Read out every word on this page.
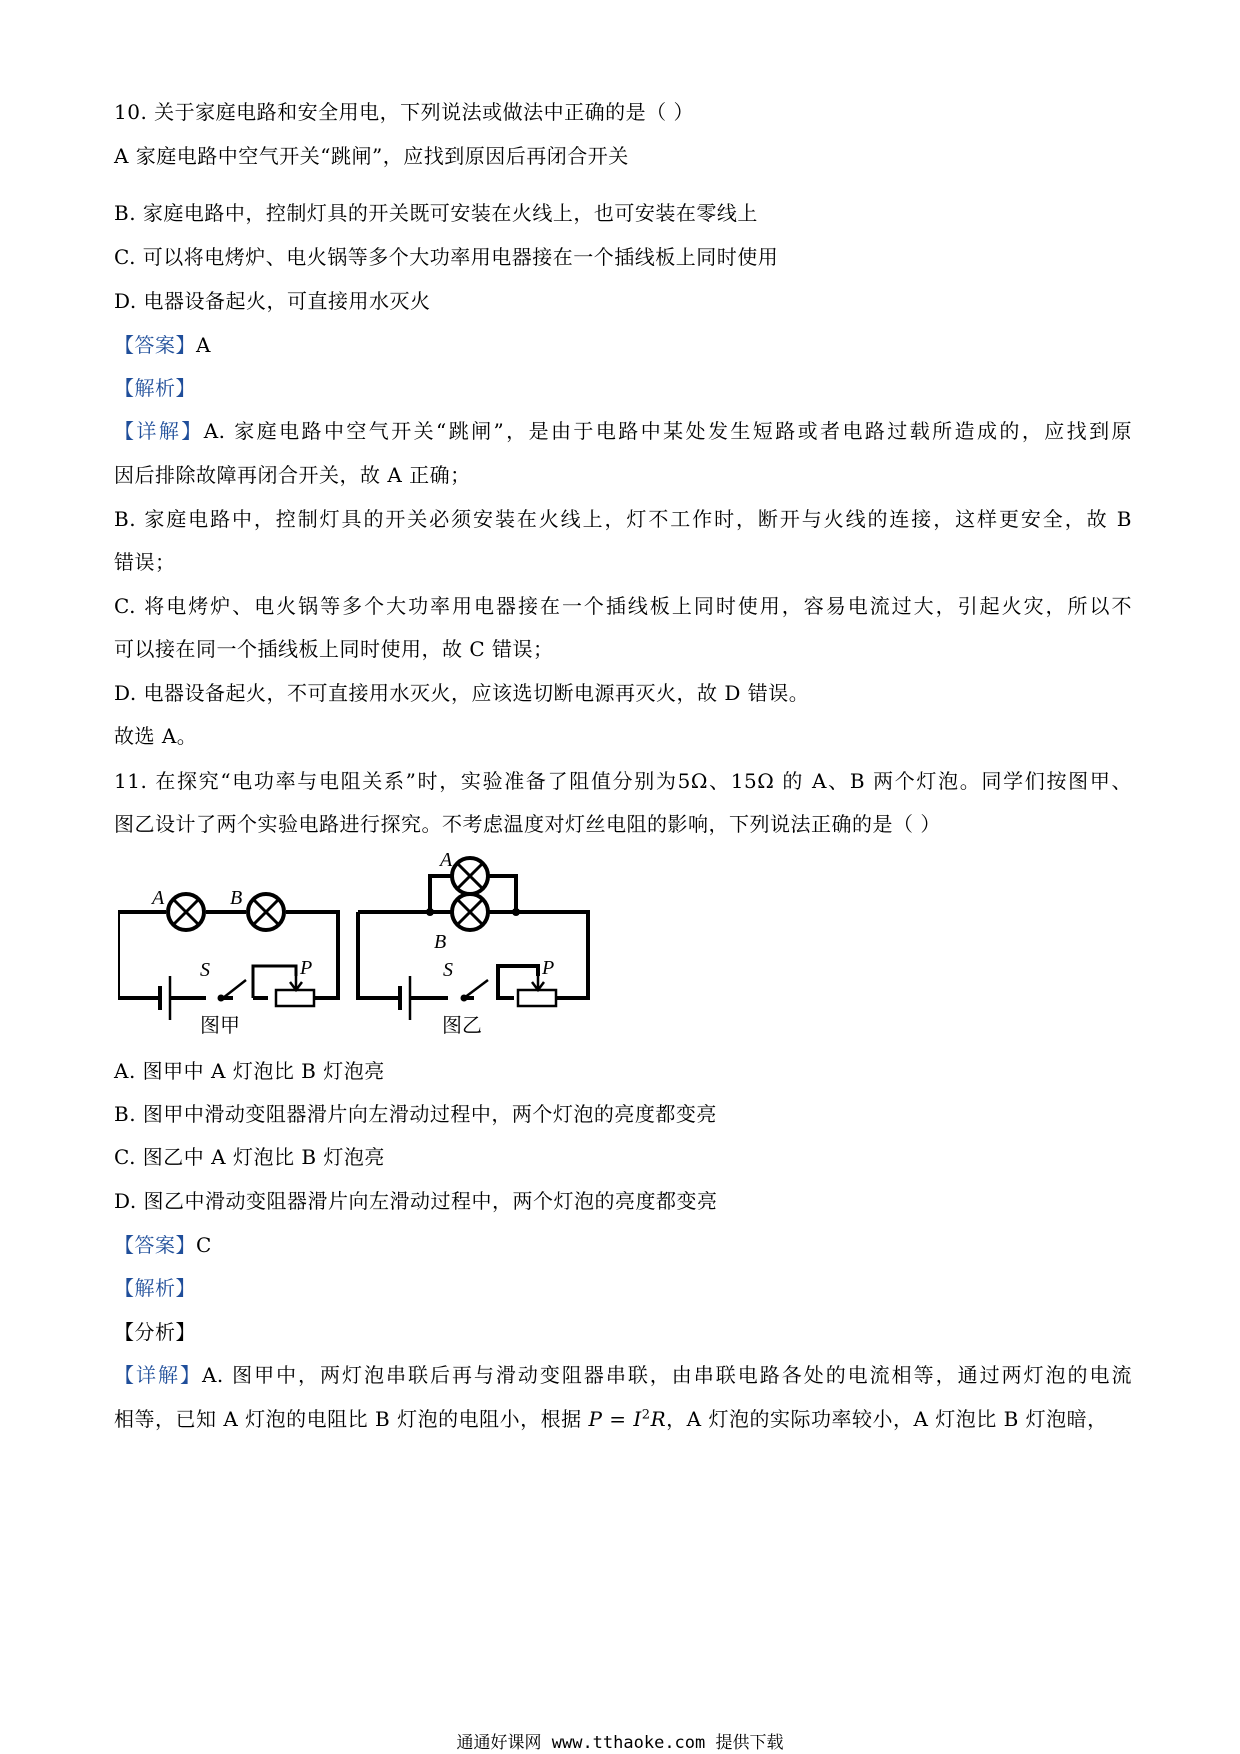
10. 关于家庭电路和安全用电，下列说法或做法中正确的是（ ）
A 家庭电路中空气开关“跳闸”，应找到原因后再闭合开关
B. 家庭电路中，控制灯具的开关既可安装在火线上，也可安装在零线上
C. 可以将电烤炉、电火锅等多个大功率用电器接在一个插线板上同时使用
D. 电器设备起火，可直接用水灭火
【答案】A
【解析】
【详解】A. 家庭电路中空气开关“跳闸”，是由于电路中某处发生短路或者电路过载所造成的，应找到原
因后排除故障再闭合开关，故 A 正确；
B. 家庭电路中，控制灯具的开关必须安装在火线上，灯不工作时，断开与火线的连接，这样更安全，故 B
错误；
C. 将电烤炉、电火锅等多个大功率用电器接在一个插线板上同时使用，容易电流过大，引起火灾，所以不
可以接在同一个插线板上同时使用，故 C 错误；
D. 电器设备起火，不可直接用水灭火，应该选切断电源再灭火，故 D 错误。
故选 A。
11. 在探究“电功率与电阻关系”时，实验准备了阻值分别为5Ω、15Ω 的 A、B 两个灯泡。同学们按图甲、
图乙设计了两个实验电路进行探究。不考虑温度对灯丝电阻的影响，下列说法正确的是（ ）
A	B
S	P
图甲
A
B
S	P
图乙
A. 图甲中 A 灯泡比 B 灯泡亮
B. 图甲中滑动变阻器滑片向左滑动过程中，两个灯泡的亮度都变亮
C. 图乙中 A 灯泡比 B 灯泡亮
D. 图乙中滑动变阻器滑片向左滑动过程中，两个灯泡的亮度都变亮
【答案】C
【解析】
【分析】
【详解】A. 图甲中，两灯泡串联后再与滑动变阻器串联，由串联电路各处的电流相等，通过两灯泡的电流
相等，已知 A 灯泡的电阻比 B 灯泡的电阻小，根据 $P = I^2R$，A 灯泡的实际功率较小，A 灯泡比 B 灯泡暗，
通通好课网 www.tthaoke.com 提供下载
